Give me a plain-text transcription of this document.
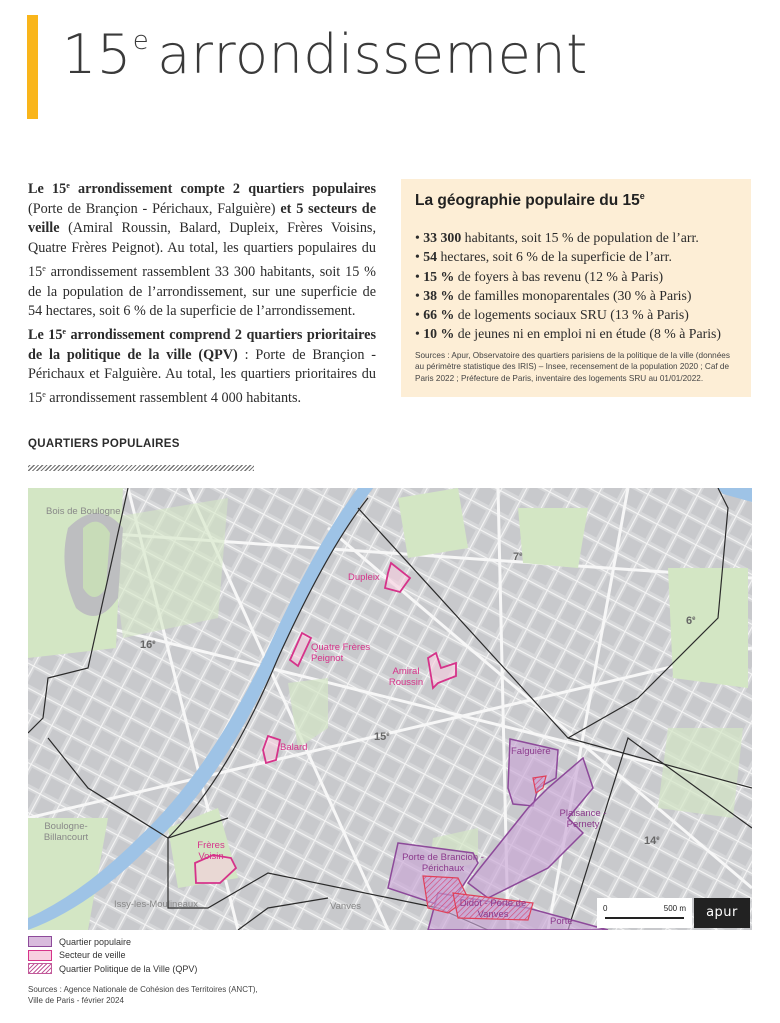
15e arrondissement

Le 15e arrondissement compte 2 quartiers populaires (Porte de Brançion - Périchaux, Falguière) et 5 secteurs de veille (Amiral Roussin, Balard, Dupleix, Frères Voisins, Quatre Frères Peignot). Au total, les quartiers populaires du 15e arrondissement rassemblent 33 300 habitants, soit 15 % de la population de l’arrondissement, sur une superficie de 54 hectares, soit 6 % de la superficie de l’arrondissement.

Le 15e arrondissement comprend 2 quartiers prioritaires de la politique de la ville (QPV) : Porte de Brançion - Périchaux et Falguière. Au total, les quartiers prioritaires du 15e arrondissement rassemblent 4 000 habitants.

La géographie populaire du 15e
• 33 300 habitants, soit 15 % de population de l’arr.
• 54 hectares, soit 6 % de la superficie de l’arr.
• 15 % de foyers à bas revenu (12 % à Paris)
• 38 % de familles monoparentales (30 % à Paris)
• 66 % de logements sociaux SRU (13 % à Paris)
• 10 % de jeunes ni en emploi ni en étude (8 % à Paris)

Sources : Apur, Observatoire des quartiers parisiens de la politique de la ville (données au périmètre statistique des IRIS) – Insee, recensement de la population 2020 ; Caf de Paris 2022 ; Préfecture de Paris, inventaire des logements SRU au 01/01/2022.

QUARTIERS POPULAIRES
Bois de Boulogne
Boulogne-Billancourt
Issy-les-Moulineaux	Vanves
16e
7e
6e
15e
14e
Dupleix
Quatre Frères Peignot
Amiral Roussin
Balard
Frères Voisin
Falguière
Plaisance - Pernety
Porte de Brancion - Périchaux
Didot - Porte de Vanves
Porte
0	500 m	apur
Quartier populaire
Secteur de veille
Quartier Politique de la Ville (QPV)
Sources : Agence Nationale de Cohésion des Territoires (ANCT),
Ville de Paris - février 2024
